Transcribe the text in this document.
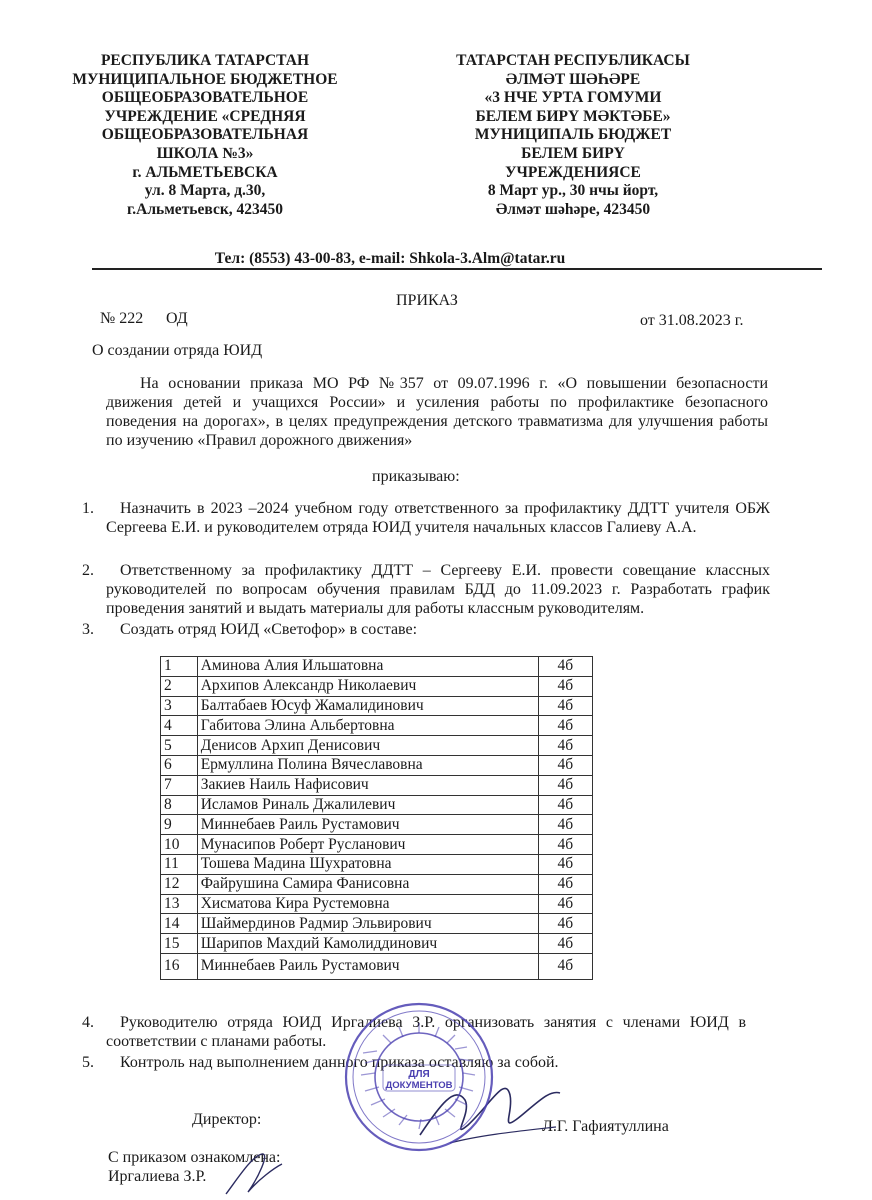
РЕСПУБЛИКА ТАТАРСТАН
МУНИЦИПАЛЬНОЕ БЮДЖЕТНОЕ
ОБЩЕОБРАЗОВАТЕЛЬНОЕ
УЧРЕЖДЕНИЕ «СРЕДНЯЯ
ОБЩЕОБРАЗОВАТЕЛЬНАЯ
ШКОЛА №3»
г. АЛЬМЕТЬЕВСКА
ул. 8 Марта, д.30,
г.Альметьевск, 423450
ТАТАРСТАН РЕСПУБЛИКАСЫ
ӘЛМӘТ ШӘҺӘРЕ
«3 НЧЕ УРТА ГОМУМИ
БЕЛЕМ БИРҮ МӘКТӘБЕ»
МУНИЦИПАЛЬ БЮДЖЕТ
БЕЛЕМ БИРҮ
УЧРЕЖДЕНИЯСЕ
8 Март ур., 30 нчы йорт,
Әлмәт шәһәре, 423450
Тел: (8553) 43-00-83, e-mail: Shkola-3.Alm@tatar.ru
ПРИКАЗ
№ 222 ОД	от 31.08.2023 г.
О создании отряда ЮИД
На основании приказа МО РФ №357 от 09.07.1996 г. «О повышении безопасности движения детей и учащихся России» и усиления работы по профилактике безопасного поведения на дорогах», в целях предупреждения детского травматизма для улучшения работы по изучению «Правил дорожного движения»
приказываю:
1.	Назначить в 2023 –2024 учебном году ответственного за профилактику ДДТТ учителя ОБЖ Сергеева Е.И. и руководителем отряда ЮИД учителя начальных классов Галиеву А.А.
2.	Ответственному за профилактику ДДТТ – Сергееву Е.И. провести совещание классных руководителей по вопросам обучения правилам БДД до 11.09.2023 г. Разработать график проведения занятий и выдать материалы для работы классным руководителям.
3.	Создать отряд ЮИД «Светофор» в составе:
1	Аминова Алия Ильшатовна	4б
2	Архипов Александр Николаевич	4б
3	Балтабаев Юсуф Жамалидинович	4б
4	Габитова Элина Альбертовна	4б
5	Денисов Архип Денисович	4б
6	Ермуллина Полина Вячеславовна	4б
7	Закиев Наиль Нафисович	4б
8	Исламов Риналь Джалилевич	4б
9	Миннебаев Раиль Рустамович	4б
10	Мунасипов Роберт Русланович	4б
11	Тошева Мадина Шухратовна	4б
12	Файрушина Самира Фанисовна	4б
13	Хисматова Кира Рустемовна	4б
14	Шаймердинов Радмир Эльвирович	4б
15	Шарипов Махдий Камолиддинович	4б
16	Миннебаев Раиль Рустамович	4б
4.	Руководителю отряда ЮИД Иргалиева З.Р. организовать занятия с членами ЮИД в соответствии с планами работы.
5.	Контроль над выполнением данного приказа оставляю за собой.
Директор:	Л.Г. Гафиятуллина
С приказом ознакомлена:
Иргалиева З.Р.
ДЛЯ
ДОКУМЕНТОВ
